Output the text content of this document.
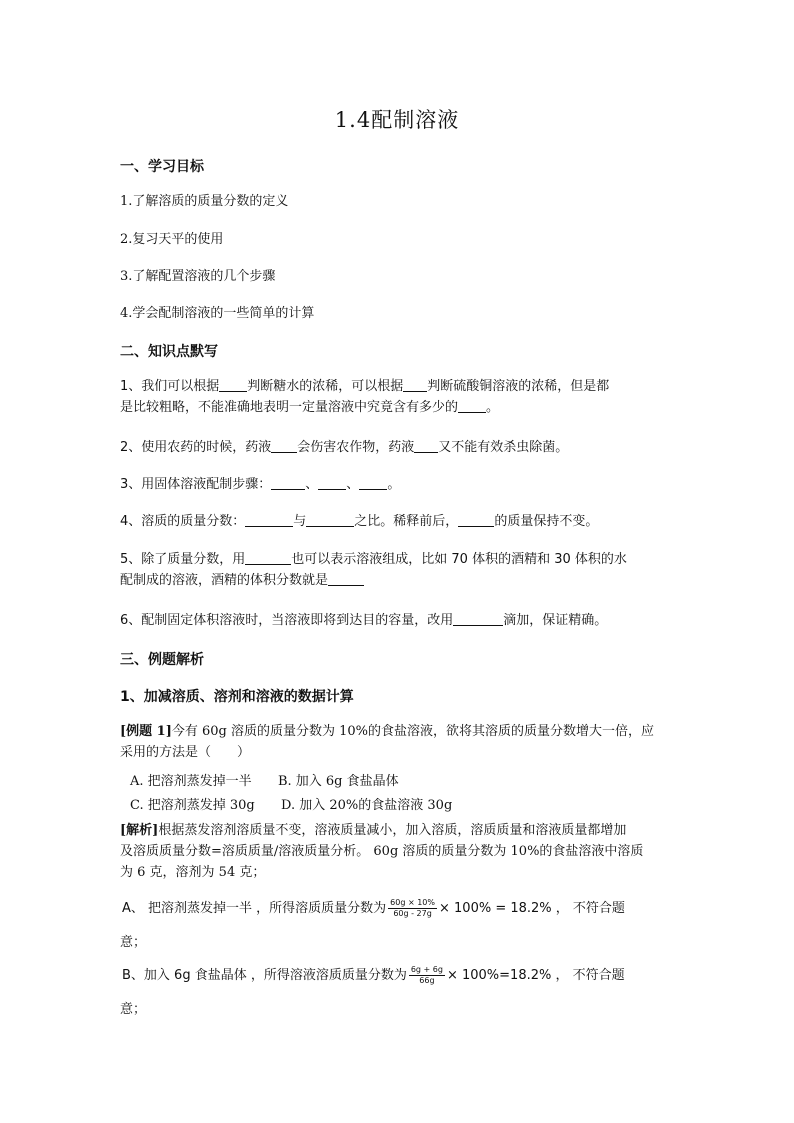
1.4配制溶液
一、学习目标
1.了解溶质的质量分数的定义
2.复习天平的使用
3.了解配置溶液的几个步骤
4.学会配制溶液的一些简单的计算
二、知识点默写
1、我们可以根据 判断糖水的浓稀，可以根据 判断硫酸铜溶液的浓稀，但是都
是比较粗略，不能准确地表明一定量溶液中究竟含有多少的 。
2、使用农药的时候，药液 会伤害农作物，药液 又不能有效杀虫除菌。
3、用固体溶液配制步骤：	、 、 。
4、溶质的质量分数：	与	之比。稀释前后，	的质量保持不变。
5、除了质量分数，用	也可以表示溶液组成，比如 70 体积的酒精和 30 体积的水
配制成的溶液，酒精的体积分数就是
6、配制固定体积溶液时，当溶液即将到达目的容量，改用	滴加，保证精确。
三、例题解析
1、加减溶质、溶剂和溶液的数据计算
[例题 1]今有 60g 溶质的质量分数为 10%的食盐溶液，欲将其溶质的质量分数增大一倍，应
采用的方法是（　　）
A. 把溶剂蒸发掉一半 B. 加入 6g 食盐晶体
C. 把溶剂蒸发掉 30g D. 加入 20%的食盐溶液 30g
[解析]根据蒸发溶剂溶质量不变，溶液质量减小，加入溶质，溶质质量和溶液质量都增加
及溶质质量分数=溶质质量/溶液质量分析。 60g 溶质的质量分数为 10%的食盐溶液中溶质
为 6 克，溶剂为 54 克；
A、 把溶剂蒸发掉一半 ，所得溶质质量分数为 $\frac{60g \times 10\%}{60g - 27g} \times 100\% = 18.2\%$ ， 不符合题
意；
B、加入 6g 食盐晶体 ，所得溶液溶质质量分数为 $\frac{6g + 6g}{66g} \times 100\%=18.2\%$ ， 不符合题
意；
